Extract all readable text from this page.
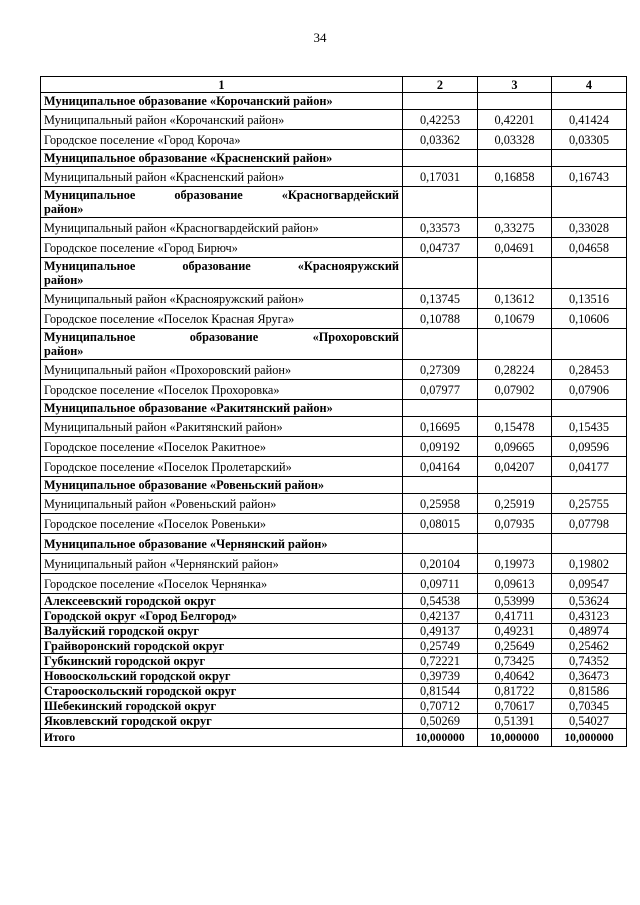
34
1	2	3	4
Муниципальное образование «Корочанский район»			
Муниципальный район «Корочанский район»	0,42253	0,42201	0,41424
Городское поселение «Город Короча»	0,03362	0,03328	0,03305
Муниципальное образование «Красненский район»			
Муниципальный район «Красненский район»	0,17031	0,16858	0,16743

Муниципальное образование «Красногвардейский
район»			

Муниципальный район «Красногвардейский район»	0,33573	0,33275	0,33028
Городское поселение «Город Бирюч»	0,04737	0,04691	0,04658

Муниципальное образование «Краснояружский
район»			

Муниципальный район «Краснояружский район»	0,13745	0,13612	0,13516
Городское поселение «Поселок Красная Яруга»	0,10788	0,10679	0,10606

Муниципальное образование «Прохоровский
район»			

Муниципальный район «Прохоровский район»	0,27309	0,28224	0,28453
Городское поселение «Поселок Прохоровка»	0,07977	0,07902	0,07906
Муниципальное образование «Ракитянский район»			
Муниципальный район «Ракитянский район»	0,16695	0,15478	0,15435
Городское поселение «Поселок Ракитное»	0,09192	0,09665	0,09596
Городское поселение «Поселок Пролетарский»	0,04164	0,04207	0,04177
Муниципальное образование «Ровеньский район»			
Муниципальный район «Ровеньский район»	0,25958	0,25919	0,25755
Городское поселение «Поселок Ровеньки»	0,08015	0,07935	0,07798
Муниципальное образование «Чернянский район»			
Муниципальный район «Чернянский район»	0,20104	0,19973	0,19802
Городское поселение «Поселок Чернянка»	0,09711	0,09613	0,09547
Алексеевский городской округ	0,54538	0,53999	0,53624
Городской округ «Город Белгород»	0,42137	0,41711	0,43123
Валуйский городской округ	0,49137	0,49231	0,48974
Грайворонский городской округ	0,25749	0,25649	0,25462
Губкинский городской округ	0,72221	0,73425	0,74352
Новооскольский городской округ	0,39739	0,40642	0,36473
Старооскольский городской округ	0,81544	0,81722	0,81586
Шебекинский городской округ	0,70712	0,70617	0,70345
Яковлевский городской округ	0,50269	0,51391	0,54027
Итого	10,000000	10,000000	10,000000
